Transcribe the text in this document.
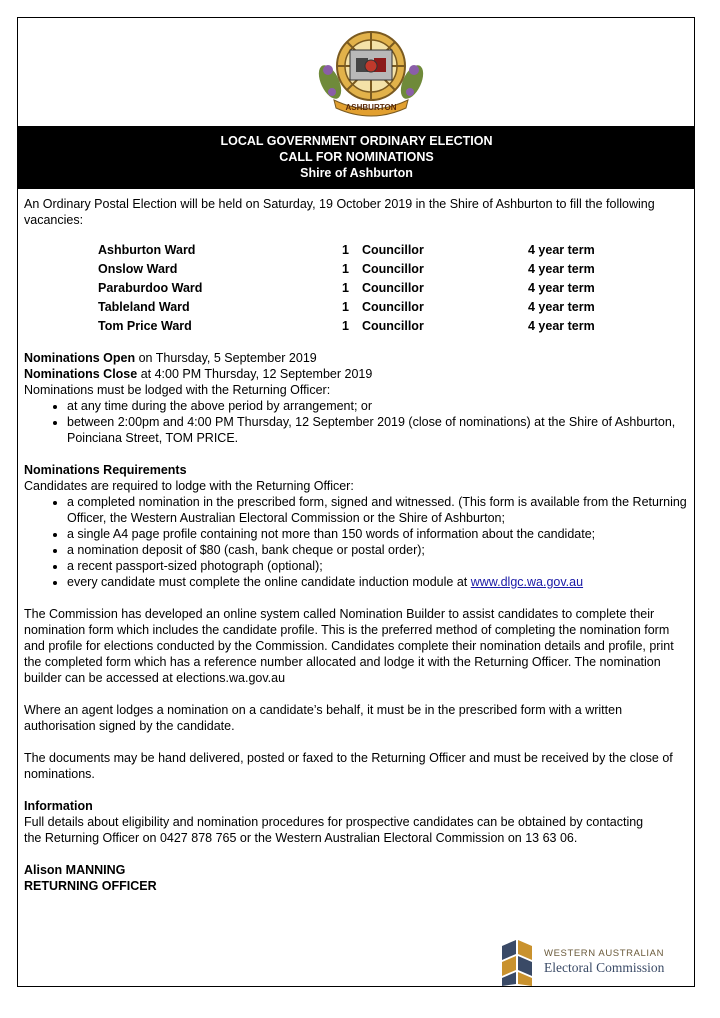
ASHBURTON
LOCAL GOVERNMENT ORDINARY ELECTION
CALL FOR NOMINATIONS
Shire of Ashburton

An Ordinary Postal Election will be held on Saturday, 19 October 2019 in the Shire of Ashburton to fill the following vacancies:

Ashburton Ward	1	Councillor	4 year term
Onslow Ward	1	Councillor	4 year term
Paraburdoo Ward	1	Councillor	4 year term
Tableland Ward	1	Councillor	4 year term
Tom Price Ward	1	Councillor	4 year term

Nominations Open on Thursday, 5 September 2019

Nominations Close at 4:00 PM Thursday, 12 September 2019

Nominations must be lodged with the Returning Officer:

• at any time during the above period by arrangement; or
• between 2:00pm and 4:00 PM Thursday, 12 September 2019 (close of nominations) at the Shire of Ashburton, Poinciana Street, TOM PRICE.

Nominations Requirements

Candidates are required to lodge with the Returning Officer:

• a completed nomination in the prescribed form, signed and witnessed. (This form is available from the Returning Officer, the Western Australian Electoral Commission or the Shire of Ashburton;
• a single A4 page profile containing not more than 150 words of information about the candidate;
• a nomination deposit of $80 (cash, bank cheque or postal order);
• a recent passport-sized photograph (optional);
• every candidate must complete the online candidate induction module at www.dlgc.wa.gov.au

The Commission has developed an online system called Nomination Builder to assist candidates to complete their nomination form which includes the candidate profile. This is the preferred method of completing the nomination form and profile for elections conducted by the Commission. Candidates complete their nomination details and profile, print the completed form which has a reference number allocated and lodge it with the Returning Officer. The nomination builder can be accessed at elections.wa.gov.au

Where an agent lodges a nomination on a candidate’s behalf, it must be in the prescribed form with a written authorisation signed by the candidate.

The documents may be hand delivered, posted or faxed to the Returning Officer and must be received by the close of nominations.

Information

Full details about eligibility and nomination procedures for prospective candidates can be obtained by contacting the Returning Officer on 0427 878 765 or the Western Australian Electoral Commission on 13 63 06.

Alison MANNING

RETURNING OFFICER

WESTERN AUSTRALIAN
Electoral Commission
